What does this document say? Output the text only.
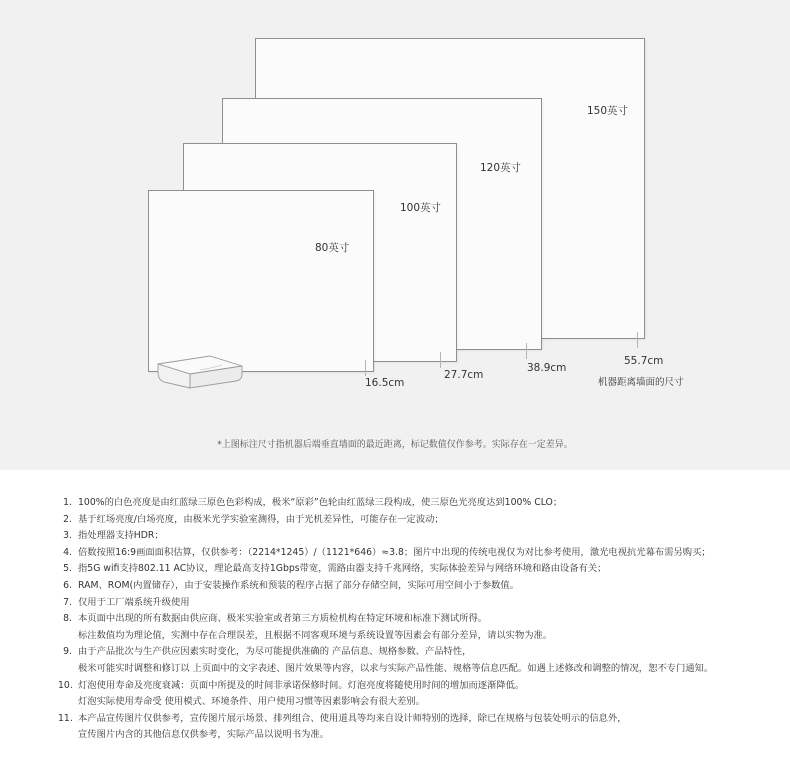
150英寸
120英寸
100英寸
80英寸
16.5cm
27.7cm
38.9cm
55.7cm
机器距离墙面的尺寸
*上图标注尺寸指机器后端垂直墙面的最近距离，标记数值仅作参考。实际存在一定差异。
1. 100%的白色亮度是由红蓝绿三原色色彩构成，极米“原彩”色轮由红蓝绿三段构成，使三原色光亮度达到100% CLO；
2. 基于红场亮度/白场亮度，由极米光学实验室测得，由于光机差异性，可能存在一定波动；
3. 指处理器支持HDR；
4. 倍数按照16:9画面面积估算，仅供参考：（2214*1245）/（1121*646）≈3.8；图片中出现的传统电视仅为对比参考使用，激光电视抗光幕布需另购买；
5. 指5G wifi支持802.11 AC协议，理论最高支持1Gbps带宽，需路由器支持千兆网络，实际体验差异与网络环境和路由设备有关；
6. RAM、ROM(内置储存），由于安装操作系统和预装的程序占据了部分存储空间，实际可用空间小于参数值。
7. 仅用于工厂端系统升级使用
8. 本页面中出现的所有数据由供应商、极米实验室或者第三方质检机构在特定环境和标准下测试所得。
标注数值均为理论值，实测中存在合理误差，且根据不同客观环境与系统设置等因素会有部分差异，请以实物为准。
9. 由于产品批次与生产供应因素实时变化，为尽可能提供准确的 产品信息、规格参数、产品特性，
极米可能实时调整和修订以 上页面中的文字表述、图片效果等内容，以求与实际产品性能、规格等信息匹配。如遇上述修改和调整的情况，恕不专门通知。
10. 灯泡使用寿命及亮度衰减：页面中所提及的时间非承诺保修时间。灯泡亮度将随使用时间的增加而逐渐降低。
灯泡实际使用寿命受 使用模式、环境条件、用户使用习惯等因素影响会有很大差别。
11. 本产品宣传图片仅供参考，宣传图片展示场景、排列组合、使用道具等均来自设计师特别的选择，除已在规格与包装处明示的信息外，
宣传图片内含的其他信息仅供参考，实际产品以说明书为准。
